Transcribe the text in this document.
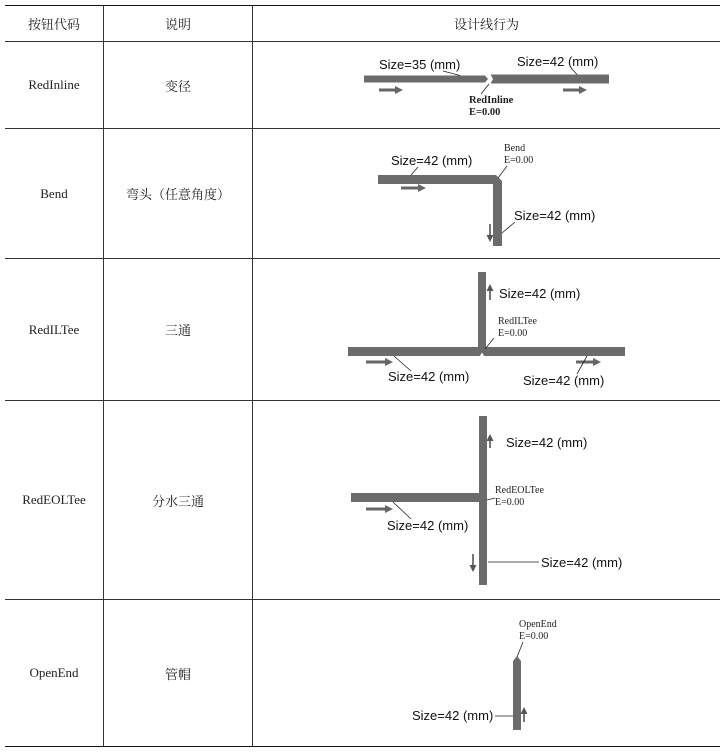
按钮代码	说明	设计线行为
RedInline	变径
Size=35 (mm)	Size=42 (mm)
RedInline
E=0.00
Bend	弯头（任意角度）
Size=42 (mm)
Bend
E=0.00
Size=42 (mm)
RedILTee	三通
Size=42 (mm)
RedILTee
E=0.00
Size=42 (mm)	Size=42 (mm)
RedEOLTee	分水三通
Size=42 (mm)
RedEOLTee
E=0.00
Size=42 (mm)
Size=42 (mm)
OpenEnd	管帽
OpenEnd
E=0.00
Size=42 (mm)
